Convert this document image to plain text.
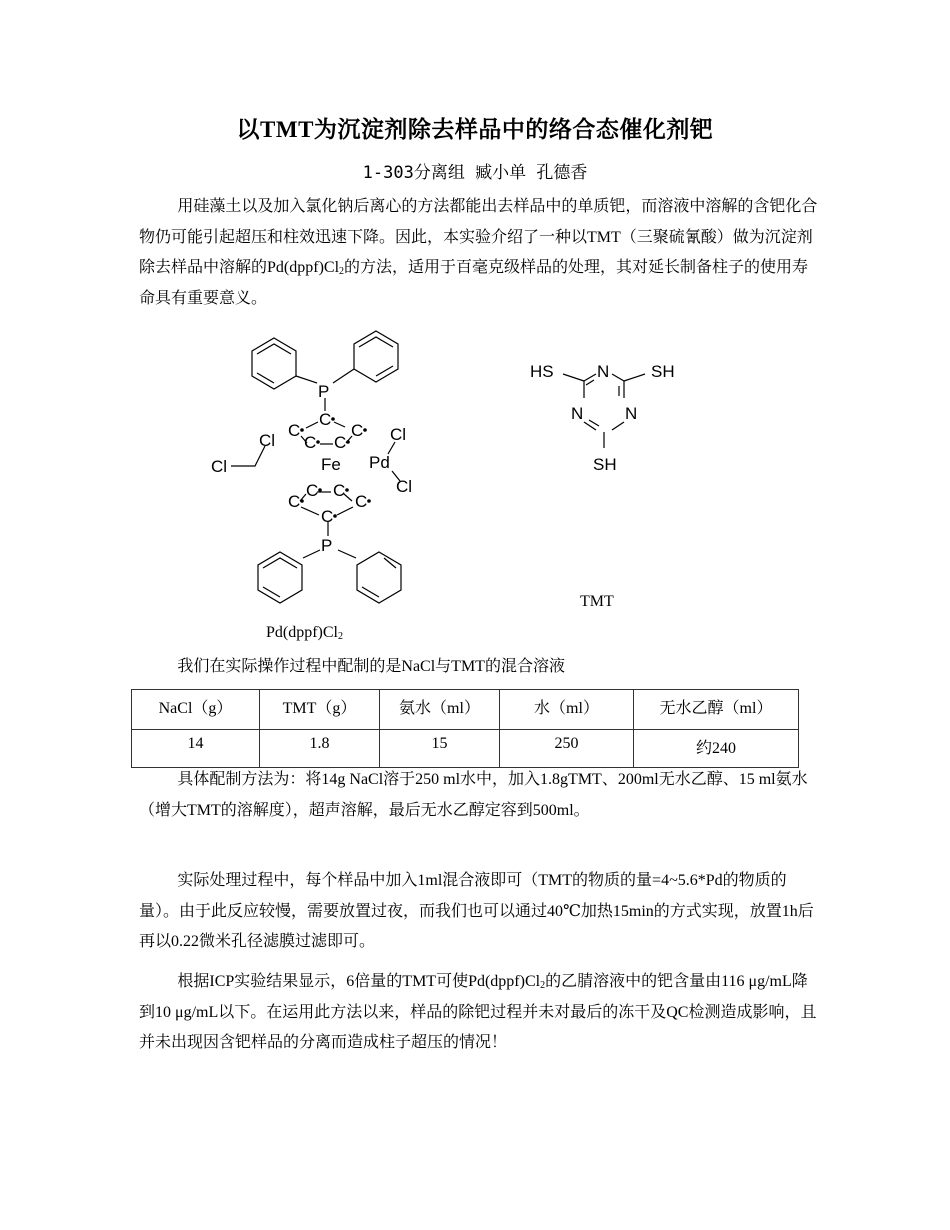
以TMT为沉淀剂除去样品中的络合态催化剂钯
1-303分离组 臧小单 孔德香

用硅藻土以及加入氯化钠后离心的方法都能出去样品中的单质钯，而溶液中溶解的含钯化合物仍可能引起超压和柱效迅速下降。因此，本实验介绍了一种以TMT（三聚硫氰酸）做为沉淀剂除去样品中溶解的$Pd(dppf)Cl_2$的方法，适用于百毫克级样品的处理，其对延长制备柱子的使用寿命具有重要意义。

P
C
C	C
C C
Fe Pd
Cl
Cl
Cl
Cl
C C
C	C
C
P
$Pd(dppf)Cl_2$
N
N N
HS	SH
SH
TMT

我们在实际操作过程中配制的是NaCl与TMT的混合溶液

NaCl（g）	TMT（g）	氨水（ml）	水（ml）	无水乙醇（ml）
14	1.8	15	250	约240

具体配制方法为：将14g NaCl溶于250 ml水中，加入1.8gTMT、200ml无水乙醇、15 ml氨水（增大TMT的溶解度），超声溶解，最后无水乙醇定容到500ml。

实际处理过程中，每个样品中加入1ml混合液即可（TMT的物质的量=4~5.6*Pd的物质的量）。由于此反应较慢，需要放置过夜，而我们也可以通过40℃加热15min的方式实现，放置1h后再以0.22微米孔径滤膜过滤即可。

根据ICP实验结果显示，6倍量的TMT可使$Pd(dppf)Cl_2$的乙腈溶液中的钯含量由116 μg/mL降到10 μg/mL以下。在运用此方法以来，样品的除钯过程并未对最后的冻干及QC检测造成影响，且并未出现因含钯样品的分离而造成柱子超压的情况！
